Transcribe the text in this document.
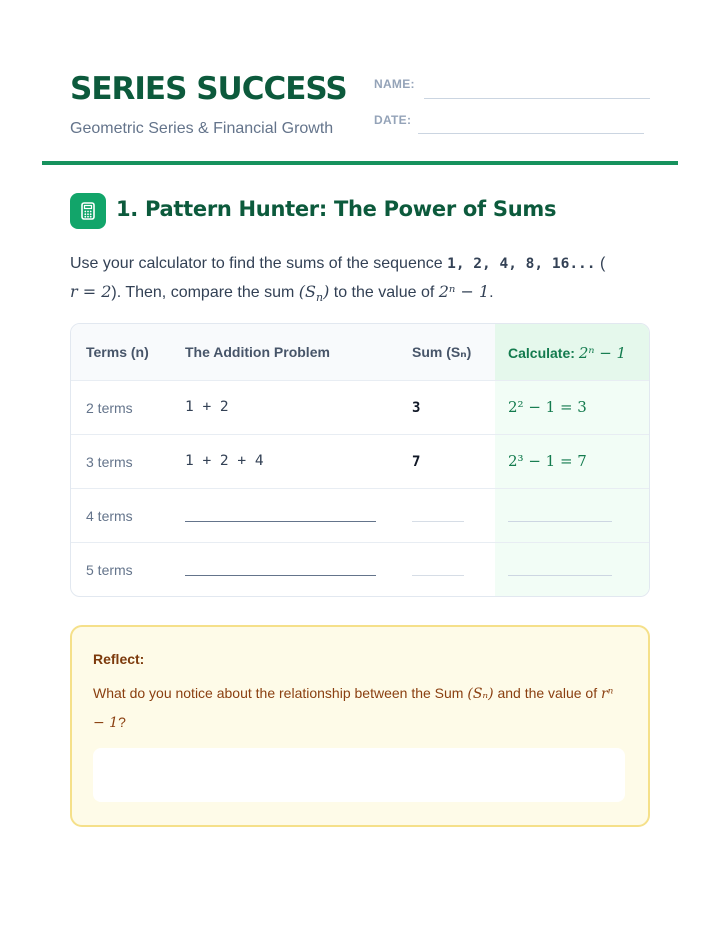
SERIES SUCCESS
Geometric Series & Financial Growth
NAME:
DATE:
1. Pattern Hunter: The Power of Sums
Use your calculator to find the sums of the sequence 1, 2, 4, 8, 16... (
r = 2). Then, compare the sum $(S_n)$ to the value of 2ⁿ − 1.
Terms (n)	The Addition Problem	Sum (Sₙ)	Calculate: 2ⁿ − 1
2 terms	1 + 2	3	2² − 1 = 3
3 terms	1 + 2 + 4	7	2³ − 1 = 7
4 terms
5 terms
Reflect:
What do you notice about the relationship between the Sum (Sₙ) and the value of rⁿ − 1?
